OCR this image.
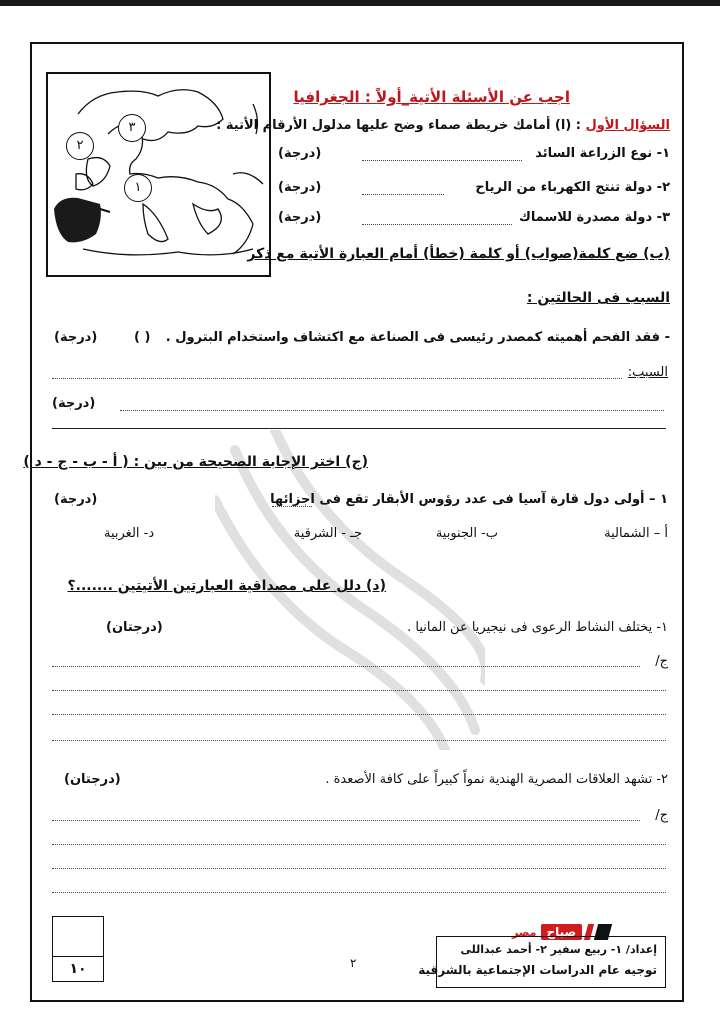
٣
٢
١
اجب عن الأسئلة الأتية_أولاً : الجغرافيا
السؤال الأول : (ا) أمامك خريطة صماء وضح عليها مدلول الأرقام الأتية :
١- نوع الزراعة السائد
(درجة)
٢- دولة تنتج الكهرباء من الرياح
(درجة)
٣- دولة مصدرة للاسماك
(درجة)
(ب) ضع كلمة(صواب) أو كلمة (خطأ) أمام العبارة الأتية مع ذكر
السبب فى الحالتين :
- فقد الفحم أهميته كمصدر رئيسى فى الصناعة مع اكتشاف واستخدام البترول .
( )
(درجة)
السبب:
(درجة)
(ج) اختر الإجابة الصحيحة من بين : ( أ - ب - ج - د )
١ – أولى دول قارة آسيا فى عدد رؤوس الأبقار تقع فى اجزائها
(درجة)
أ – الشمالية
ب- الجنوبية
جـ - الشرقية
د- الغربية
(د) دلل على مصداقية العبارتين الأتيتين .......؟
١- يختلف النشاط الرعوى فى نيجيريا عن المانيا .
(درجتان)
ج/
٢- تشهد العلاقات المصرية الهندية نمواً كبيراً على كافة الأصعدة .
(درجتان)
ج/
١٠	٢
صباح
مصر
إعداد/ ١- ربيع سفير ٢- أحمد عبداللى
توجيه عام الدراسات الإجتماعية بالشرقية
